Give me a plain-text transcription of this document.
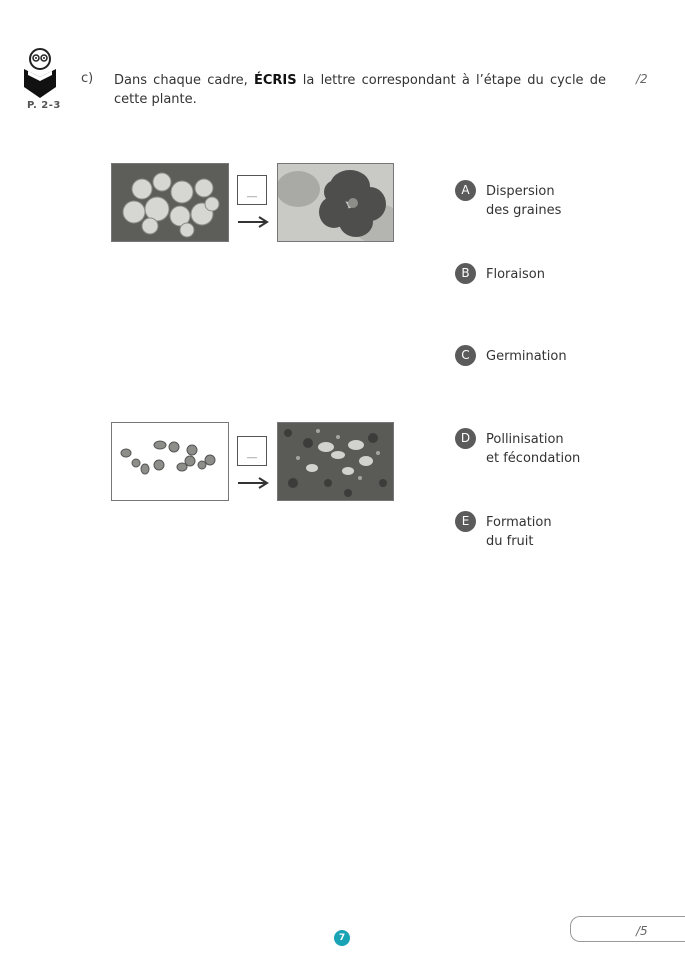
P. 2-3
c) Dans chaque cadre, ÉCRIS la lettre correspondant à l’étape du cycle de cette plante.
/2
__
__
A	Dispersion
des graines
B	Floraison
C	Germination
D	Pollinisation
et fécondation
E	Formation
du fruit
7	/5
